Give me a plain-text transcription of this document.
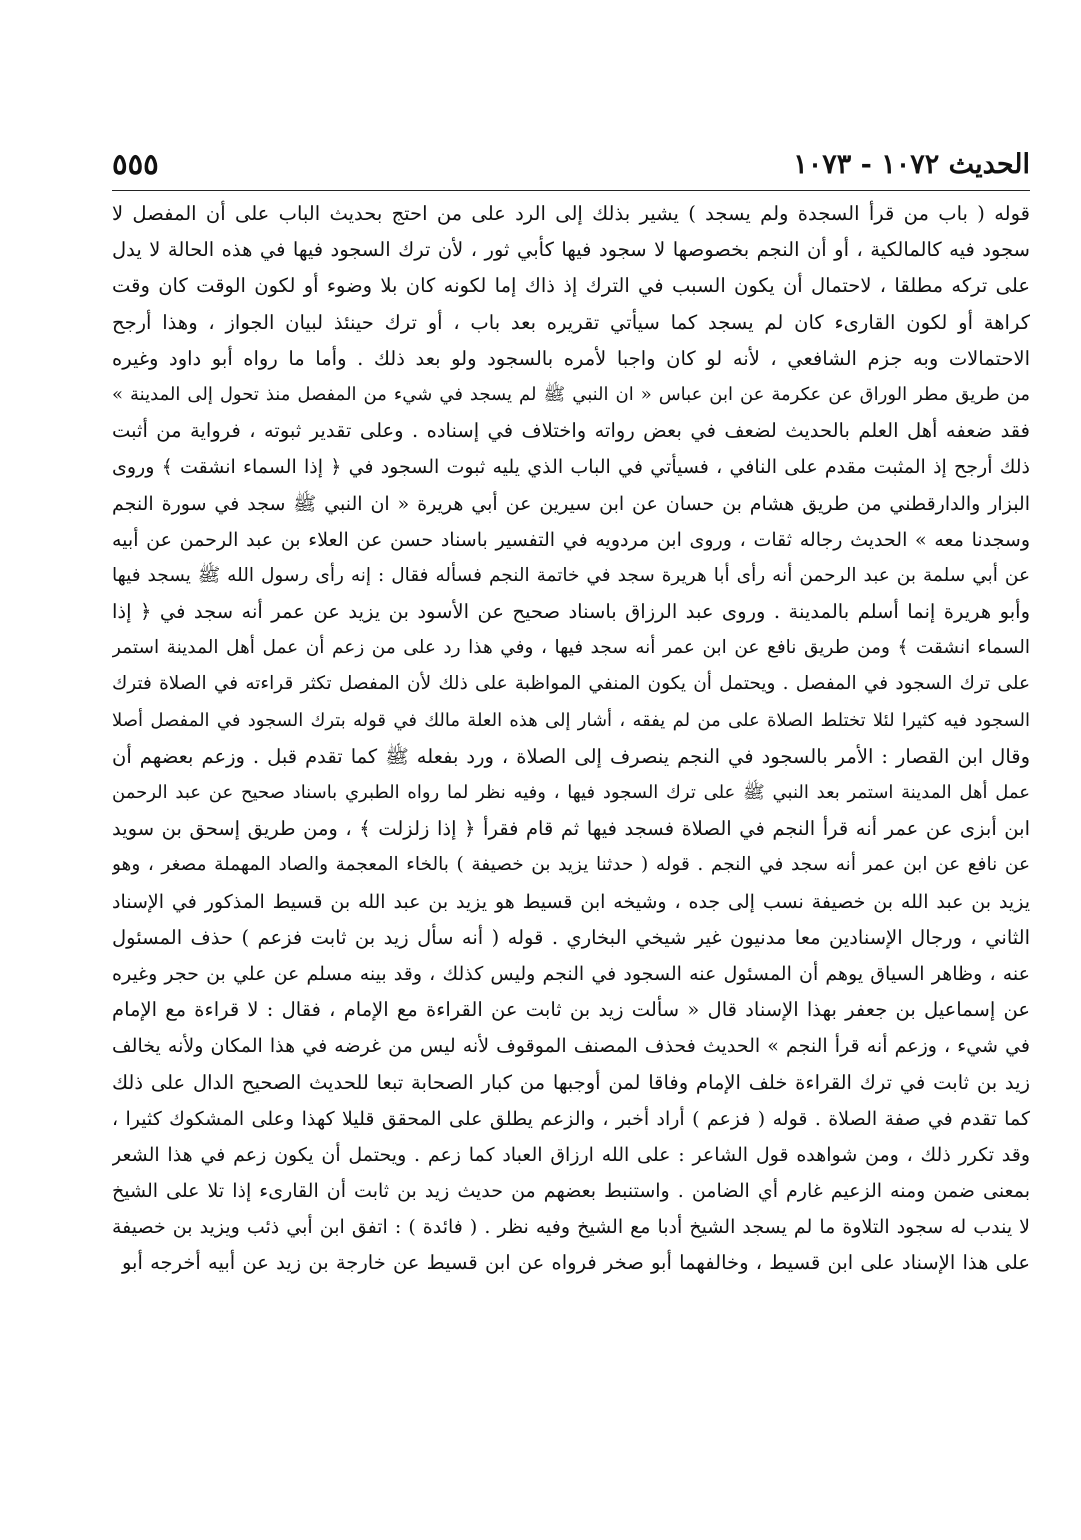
الحديث ١٠٧٢ - ١٠٧٣
٥٥٥
قوله ( باب من قرأ السجدة ولم يسجد ) يشير بذلك إلى الرد على من احتج بحديث الباب على أن المفصل لا
سجود فيه كالمالكية ، أو أن النجم بخصوصها لا سجود فيها كأبي ثور ، لأن ترك السجود فيها في هذه الحالة لا يدل
على تركه مطلقا ، لاحتمال أن يكون السبب في الترك إذ ذاك إما لكونه كان بلا وضوء أو لكون الوقت كان وقت
كراهة أو لكون القارىء كان لم يسجد كما سيأتي تقريره بعد باب ، أو ترك حينئذ لبيان الجواز ، وهذا أرجح
الاحتمالات وبه جزم الشافعي ، لأنه لو كان واجبا لأمره بالسجود ولو بعد ذلك . وأما ما رواه أبو داود وغيره
من طريق مطر الوراق عن عكرمة عن ابن عباس « ان النبي ﷺ لم يسجد في شيء من المفصل منذ تحول إلى المدينة »
فقد ضعفه أهل العلم بالحديث لضعف في بعض رواته واختلاف في إسناده . وعلى تقدير ثبوته ، فرواية من أثبت
ذلك أرجح إذ المثبت مقدم على النافي ، فسيأتي في الباب الذي يليه ثبوت السجود في ﴿ إذا السماء انشقت ﴾ وروى
البزار والدارقطني من طريق هشام بن حسان عن ابن سيرين عن أبي هريرة « ان النبي ﷺ سجد في سورة النجم
وسجدنا معه » الحديث رجاله ثقات ، وروى ابن مردويه في التفسير باسناد حسن عن العلاء بن عبد الرحمن عن أبيه
عن أبي سلمة بن عبد الرحمن أنه رأى أبا هريرة سجد في خاتمة النجم فسأله فقال : إنه رأى رسول الله ﷺ يسجد فيها
وأبو هريرة إنما أسلم بالمدينة . وروى عبد الرزاق باسناد صحيح عن الأسود بن يزيد عن عمر أنه سجد في ﴿ إذا
السماء انشقت ﴾ ومن طريق نافع عن ابن عمر أنه سجد فيها ، وفي هذا رد على من زعم أن عمل أهل المدينة استمر
على ترك السجود في المفصل . ويحتمل أن يكون المنفي المواظبة على ذلك لأن المفصل تكثر قراءته في الصلاة فترك
السجود فيه كثيرا لئلا تختلط الصلاة على من لم يفقه ، أشار إلى هذه العلة مالك في قوله بترك السجود في المفصل أصلا
وقال ابن القصار : الأمر بالسجود في النجم ينصرف إلى الصلاة ، ورد بفعله ﷺ كما تقدم قبل . وزعم بعضهم أن
عمل أهل المدينة استمر بعد النبي ﷺ على ترك السجود فيها ، وفيه نظر لما رواه الطبري باسناد صحيح عن عبد الرحمن
ابن أبزى عن عمر أنه قرأ النجم في الصلاة فسجد فيها ثم قام فقرأ ﴿ إذا زلزلت ﴾ ، ومن طريق إسحق بن سويد
عن نافع عن ابن عمر أنه سجد في النجم . قوله ( حدثنا يزيد بن خصيفة ) بالخاء المعجمة والصاد المهملة مصغر ، وهو
يزيد بن عبد الله بن خصيفة نسب إلى جده ، وشيخه ابن قسيط هو يزيد بن عبد الله بن قسيط المذكور في الإسناد
الثاني ، ورجال الإسنادين معا مدنيون غير شيخي البخاري . قوله ( أنه سأل زيد بن ثابت فزعم ) حذف المسئول
عنه ، وظاهر السياق يوهم أن المسئول عنه السجود في النجم وليس كذلك ، وقد بينه مسلم عن علي بن حجر وغيره
عن إسماعيل بن جعفر بهذا الإسناد قال « سألت زيد بن ثابت عن القراءة مع الإمام ، فقال : لا قراءة مع الإمام
في شيء ، وزعم أنه قرأ النجم » الحديث فحذف المصنف الموقوف لأنه ليس من غرضه في هذا المكان ولأنه يخالف
زيد بن ثابت في ترك القراءة خلف الإمام وفاقا لمن أوجبها من كبار الصحابة تبعا للحديث الصحيح الدال على ذلك
كما تقدم في صفة الصلاة . قوله ( فزعم ) أراد أخبر ، والزعم يطلق على المحقق قليلا كهذا وعلى المشكوك كثيرا ،
وقد تكرر ذلك ، ومن شواهده قول الشاعر : على الله ارزاق العباد كما زعم . ويحتمل أن يكون زعم في هذا الشعر
بمعنى ضمن ومنه الزعيم غارم أي الضامن . واستنبط بعضهم من حديث زيد بن ثابت أن القارىء إذا تلا على الشيخ
لا يندب له سجود التلاوة ما لم يسجد الشيخ أدبا مع الشيخ وفيه نظر . ( فائدة ) : اتفق ابن أبي ذئب ويزيد بن خصيفة
على هذا الإسناد على ابن قسيط ، وخالفهما أبو صخر فرواه عن ابن قسيط عن خارجة بن زيد عن أبيه أخرجه أبو
